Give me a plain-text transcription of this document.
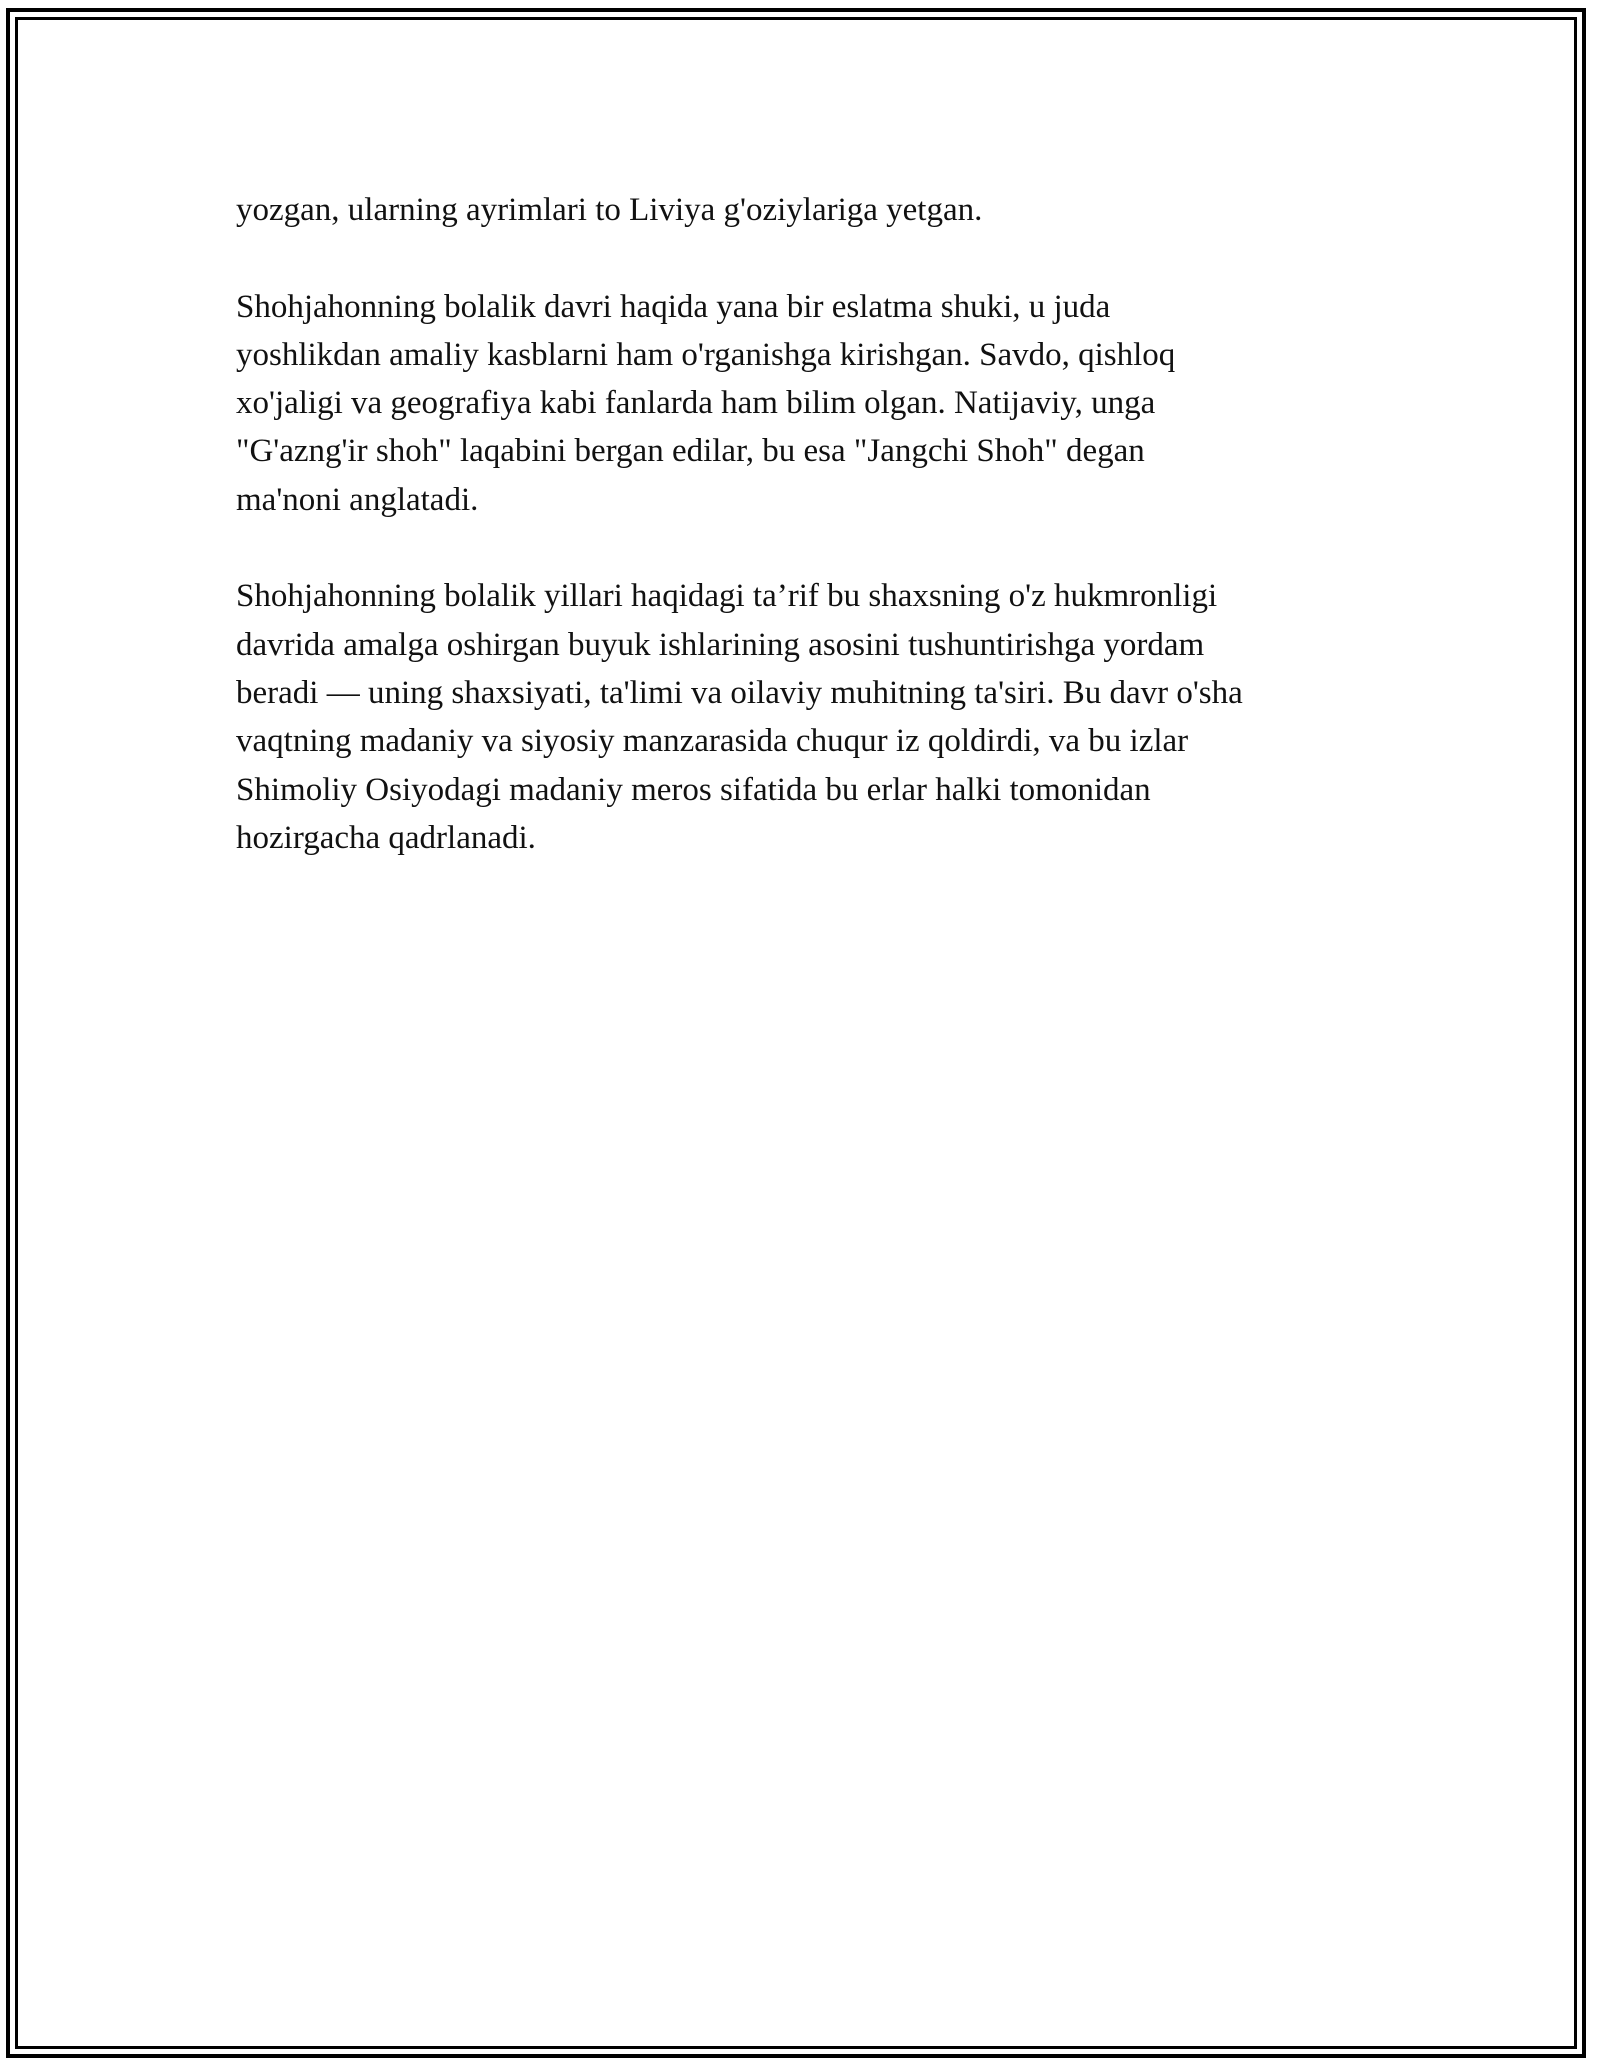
yozgan, ularning ayrimlari to Liviya g'oziylariga yetgan.

Shohjahonning bolalik davri haqida yana bir eslatma shuki, u juda
yoshlikdan amaliy kasblarni ham o'rganishga kirishgan. Savdo, qishloq
xo'jaligi va geografiya kabi fanlarda ham bilim olgan. Natijaviy, unga
"G'azng'ir shoh" laqabini bergan edilar, bu esa "Jangchi Shoh" degan
ma'noni anglatadi.

Shohjahonning bolalik yillari haqidagi ta’rif bu shaxsning o'z hukmronligi
davrida amalga oshirgan buyuk ishlarining asosini tushuntirishga yordam
beradi — uning shaxsiyati, ta'limi va oilaviy muhitning ta'siri. Bu davr o'sha
vaqtning madaniy va siyosiy manzarasida chuqur iz qoldirdi, va bu izlar
Shimoliy Osiyodagi madaniy meros sifatida bu erlar halki tomonidan
hozirgacha qadrlanadi.
